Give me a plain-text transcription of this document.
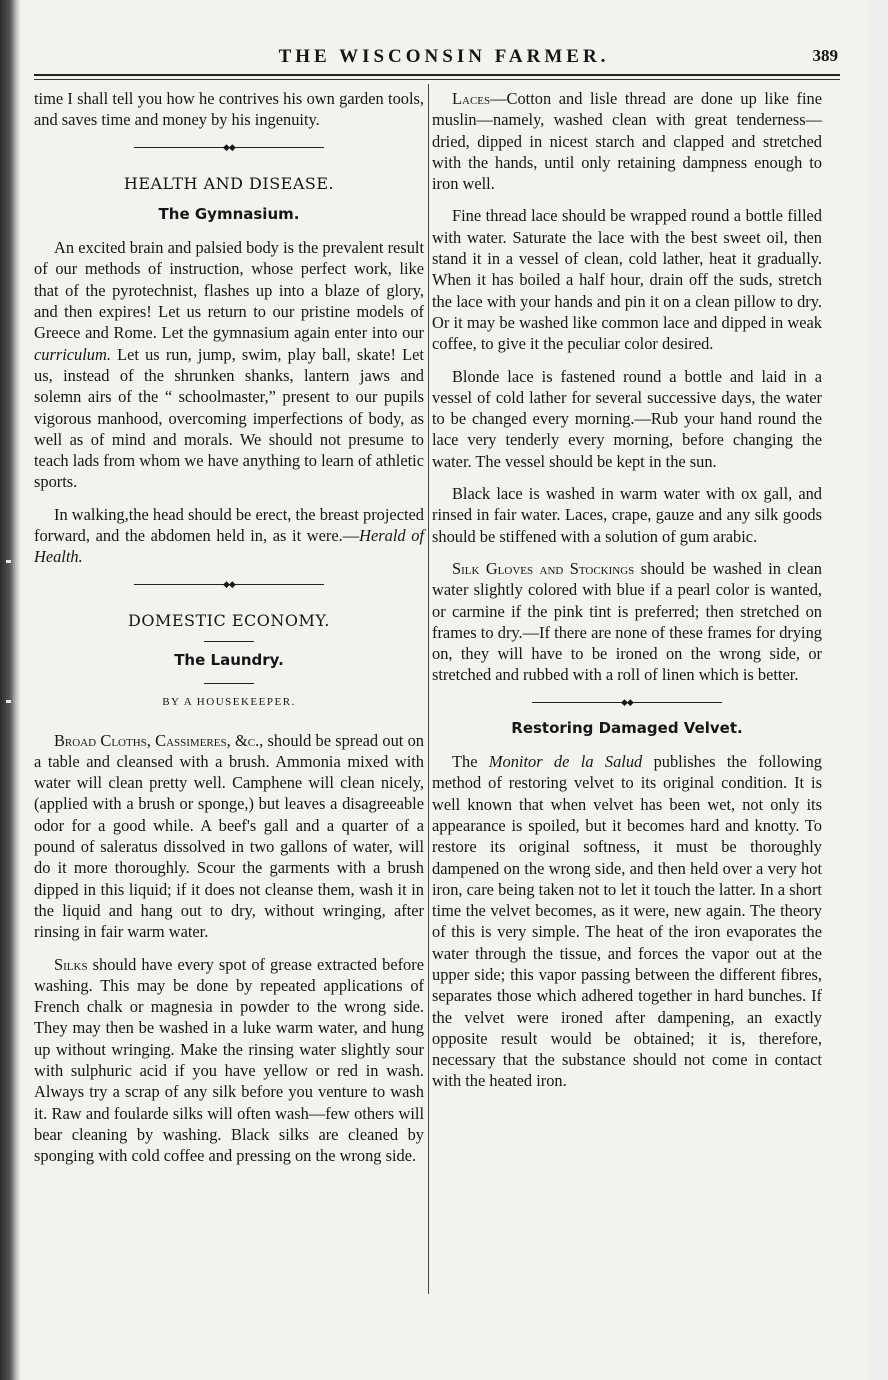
THE WISCONSIN FARMER.	389

time I shall tell you how he contrives his own garden tools, and saves time and money by his ingenuity.

◆◆
HEALTH AND DISEASE.
The Gymnasium.

An excited brain and palsied body is the prevalent result of our methods of instruction, whose perfect work, like that of the pyrotechnist, flashes up into a blaze of glory, and then expires! Let us return to our pristine models of Greece and Rome. Let the gymnasium again enter into our curriculum. Let us run, jump, swim, play ball, skate! Let us, instead of the shrunken shanks, lantern jaws and solemn airs of the “ schoolmaster,” present to our pupils vigorous manhood, overcoming imperfections of body, as well as of mind and morals. We should not presume to teach lads from whom we have anything to learn of athletic sports.

In walking,the head should be erect, the breast projected forward, and the abdomen held in, as it were.—Herald of Health.

◆◆
DOMESTIC ECONOMY.
The Laundry.
BY A HOUSEKEEPER.

Broad Cloths, Cassimeres, &c., should be spread out on a table and cleansed with a brush. Ammonia mixed with water will clean pretty well. Camphene will clean nicely, (applied with a brush or sponge,) but leaves a disagreeable odor for a good while. A beef's gall and a quarter of a pound of saleratus dissolved in two gallons of water, will do it more thoroughly. Scour the garments with a brush dipped in this liquid; if it does not cleanse them, wash it in the liquid and hang out to dry, without wringing, after rinsing in fair warm water.

Silks should have every spot of grease extracted before washing. This may be done by repeated applications of French chalk or magnesia in powder to the wrong side. They may then be washed in a luke warm water, and hung up without wringing. Make the rinsing water slightly sour with sulphuric acid if you have yellow or red in wash. Always try a scrap of any silk before you venture to wash it. Raw and foularde silks will often wash—few others will bear cleaning by washing. Black silks are cleaned by sponging with cold coffee and pressing on the wrong side.

Laces—Cotton and lisle thread are done up like fine muslin—namely, washed clean with great tenderness—dried, dipped in nicest starch and clapped and stretched with the hands, until only retaining dampness enough to iron well.

Fine thread lace should be wrapped round a bottle filled with water. Saturate the lace with the best sweet oil, then stand it in a vessel of clean, cold lather, heat it gradually. When it has boiled a half hour, drain off the suds, stretch the lace with your hands and pin it on a clean pillow to dry. Or it may be washed like common lace and dipped in weak coffee, to give it the peculiar color desired.

Blonde lace is fastened round a bottle and laid in a vessel of cold lather for several successive days, the water to be changed every morning.—Rub your hand round the lace very tenderly every morning, before changing the water. The vessel should be kept in the sun.

Black lace is washed in warm water with ox gall, and rinsed in fair water. Laces, crape, gauze and any silk goods should be stiffened with a solution of gum arabic.

Silk Gloves and Stockings should be washed in clean water slightly colored with blue if a pearl color is wanted, or carmine if the pink tint is preferred; then stretched on frames to dry.—If there are none of these frames for drying on, they will have to be ironed on the wrong side, or stretched and rubbed with a roll of linen which is better.

◆◆
Restoring Damaged Velvet.

The Monitor de la Salud publishes the following method of restoring velvet to its original condition. It is well known that when velvet has been wet, not only its appearance is spoiled, but it becomes hard and knotty. To restore its original softness, it must be thoroughly dampened on the wrong side, and then held over a very hot iron, care being taken not to let it touch the latter. In a short time the velvet becomes, as it were, new again. The theory of this is very simple. The heat of the iron evaporates the water through the tissue, and forces the vapor out at the upper side; this vapor passing between the different fibres, separates those which adhered together in hard bunches. If the velvet were ironed after dampening, an exactly opposite result would be obtained; it is, therefore, necessary that the substance should not come in contact with the heated iron.
